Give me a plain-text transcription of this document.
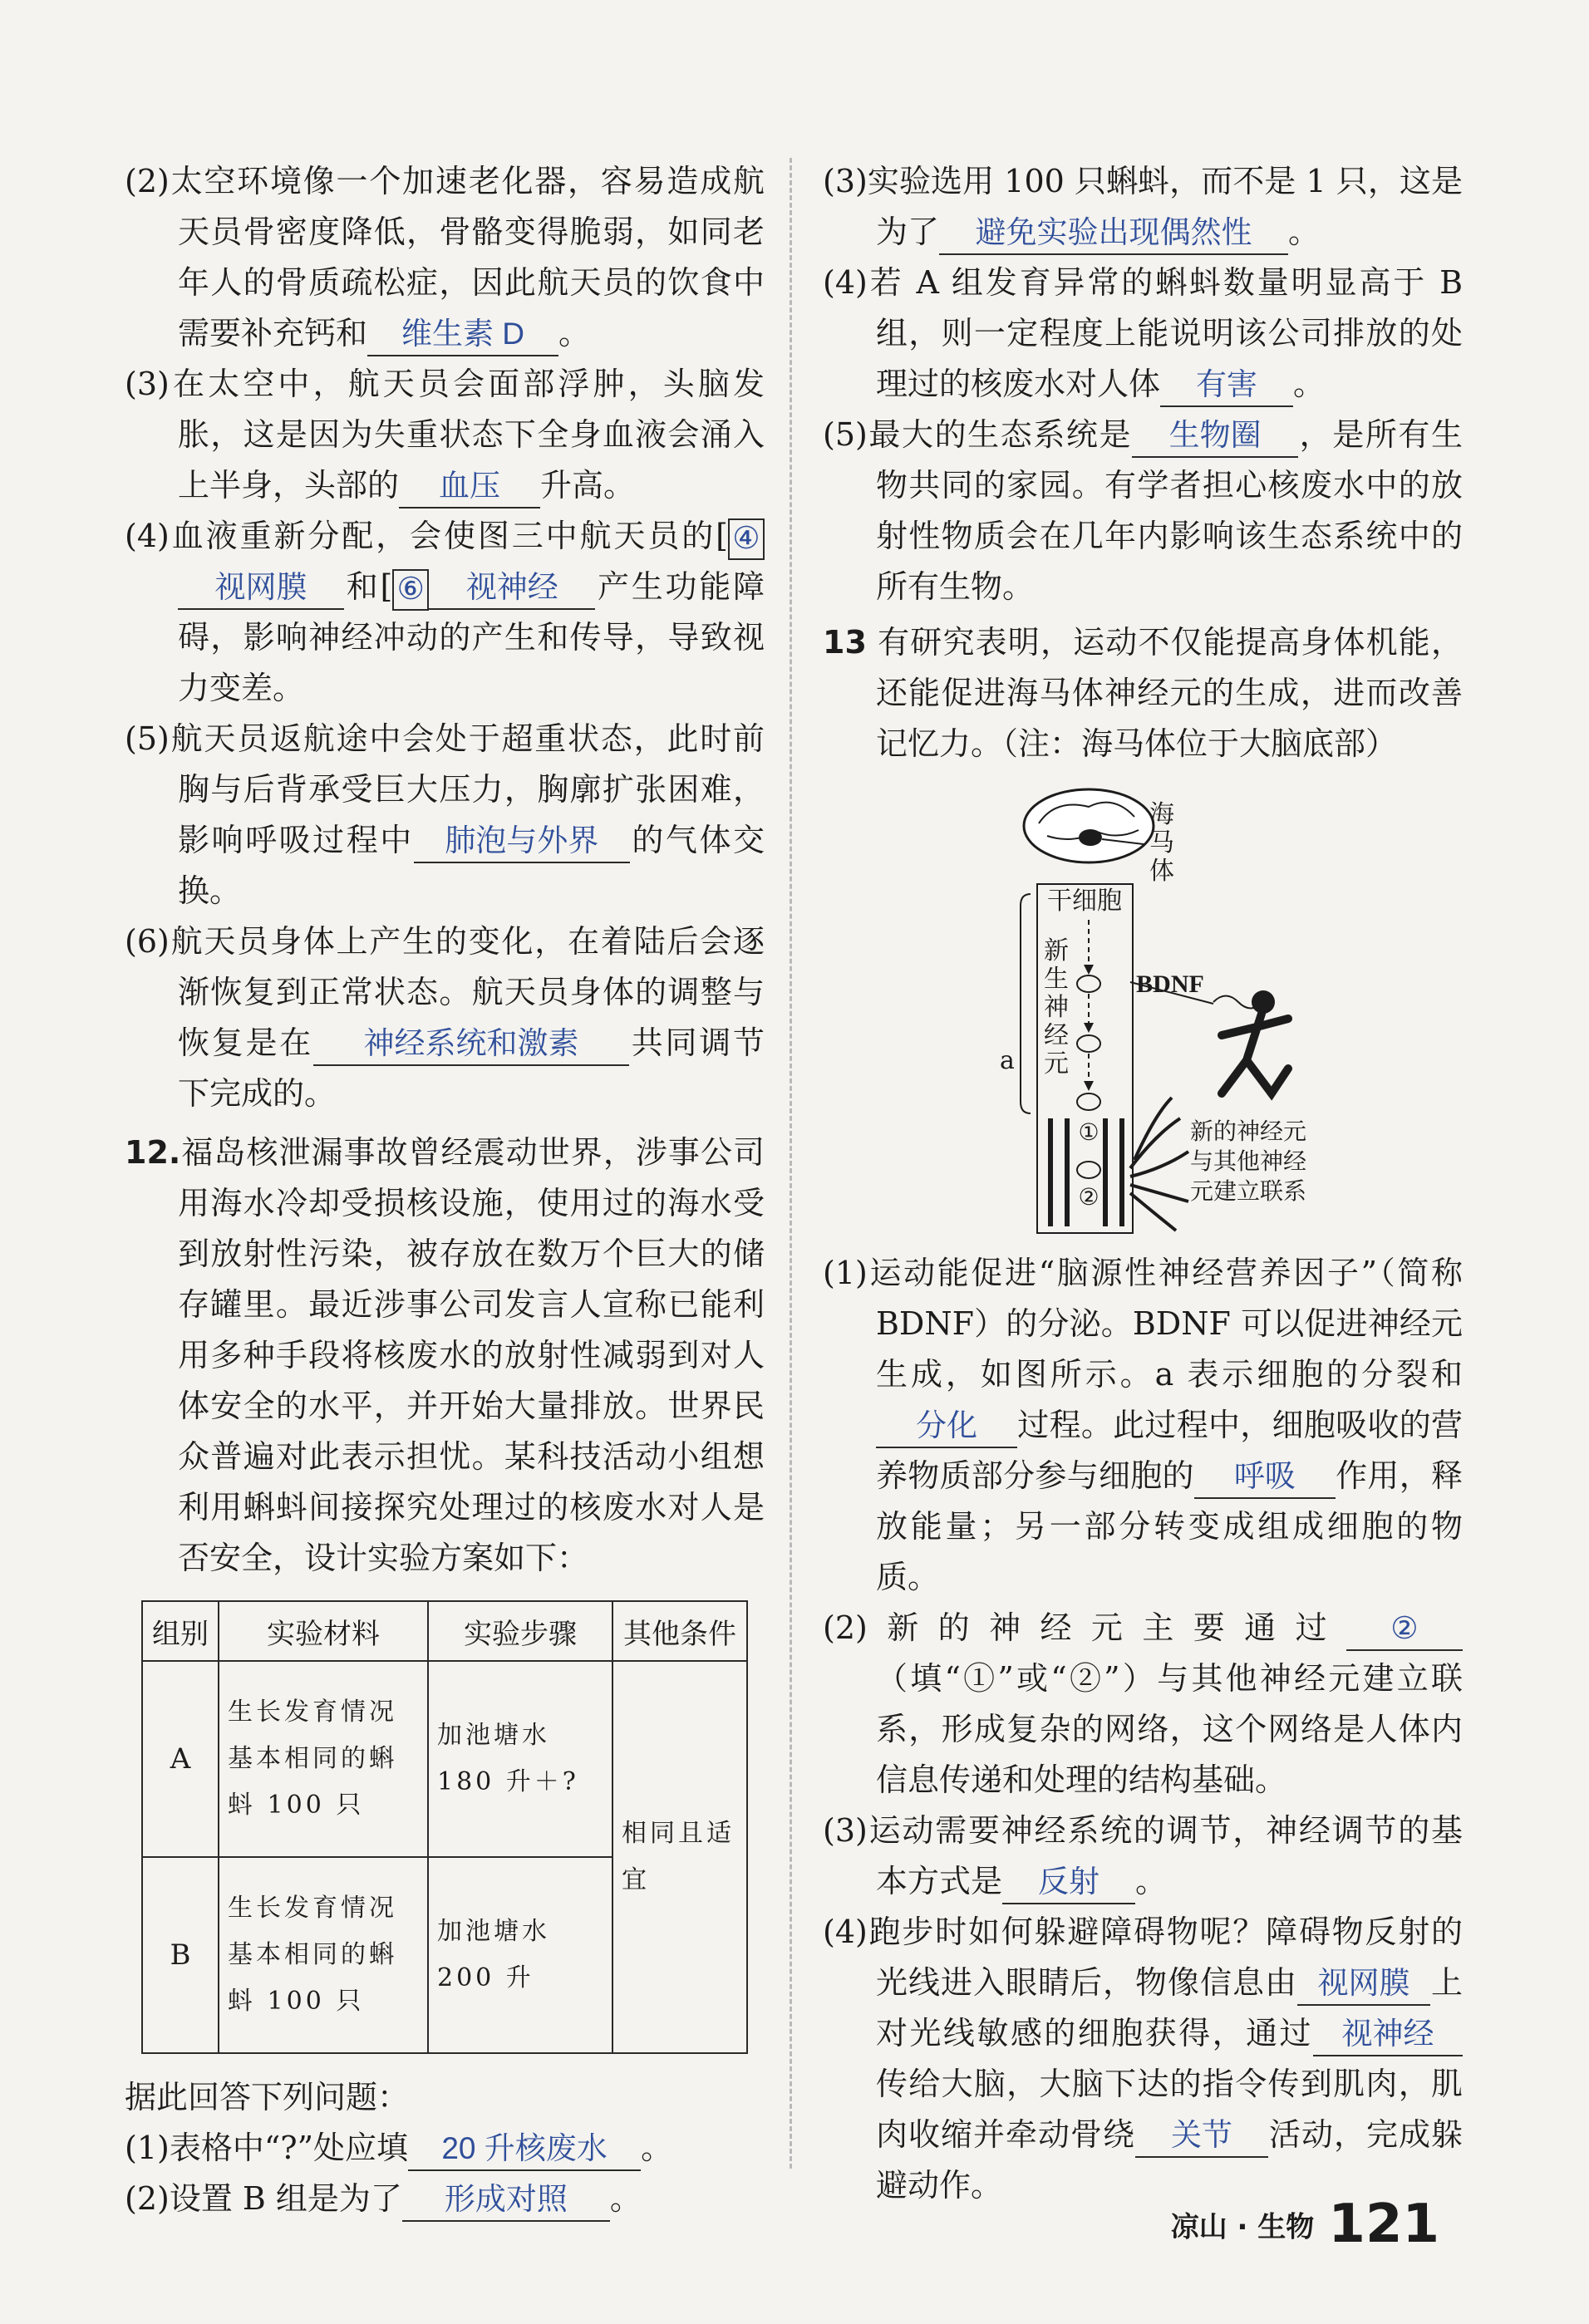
(2)太空环境像一个加速老化器，容易造成航天员骨密度降低，骨骼变得脆弱，如同老年人的骨质疏松症，因此航天员的饮食中需要补充钙和 维生素 D 。

(3)在太空中，航天员会面部浮肿，头脑发胀，这是因为失重状态下全身血液会涌入上半身，头部的 血压 升高。

(4)血液重新分配，会使图三中航天员的[ ④视网膜 和[ ⑥ 视神经 产生功能障碍，影响神经冲动的产生和传导，导致视力变差。

(5)航天员返航途中会处于超重状态，此时前胸与后背承受巨大压力，胸廓扩张困难，影响呼吸过程中 肺泡与外界 的气体交换。

(6)航天员身体上产生的变化，在着陆后会逐渐恢复到正常状态。航天员身体的调整与恢复是在 神经系统和激素 共同调节下完成的。

12.福岛核泄漏事故曾经震动世界，涉事公司用海水冷却受损核设施，使用过的海水受到放射性污染，被存放在数万个巨大的储存罐里。最近涉事公司发言人宣称已能利用多种手段将核废水的放射性减弱到对人体安全的水平，并开始大量排放。世界民众普遍对此表示担忧。某科技活动小组想利用蝌蚪间接探究处理过的核废水对人是否安全，设计实验方案如下：

组别	实验材料	实验步骤	其他条件
A	生长发育情况基本相同的蝌蚪 100 只	加池塘水 180 升＋?	相同且适宜
B	生长发育情况基本相同的蝌蚪 100 只	加池塘水 200 升	

据此回答下列问题：

(1)表格中“?”处应填 20 升核废水 。

(2)设置 B 组是为了 形成对照 。

(3)实验选用 100 只蝌蚪，而不是 1 只，这是为了 避免实验出现偶然性 。

(4)若 A 组发育异常的蝌蚪数量明显高于 B 组，则一定程度上能说明该公司排放的处理过的核废水对人体 有害 。

(5)最大的生态系统是 生物圈 ，是所有生物共同的家园。有学者担心核废水中的放射性物质会在几年内影响该生态系统中的所有生物。

13 有研究表明，运动不仅能提高身体机能，还能促进海马体神经元的生成，进而改善记忆力。（注：海马体位于大脑底部）

海马体
干细胞
新生神经元
BDNF
a
①
②
新的神经元与其他神经元建立联系

(1)运动能促进“脑源性神经营养因子”（简称 BDNF）的分泌。BDNF 可以促进神经元生成，如图所示。a 表示细胞的分裂和分化 过程。此过程中，细胞吸收的营养物质部分参与细胞的 呼吸 作用，释放能量；另一部分转变成组成细胞的物质。

(2)新的神经元主要通过 ②（填“①”或“②”）与其他神经元建立联系，形成复杂的网络，这个网络是人体内信息传递和处理的结构基础。

(3)运动需要神经系统的调节，神经调节的基本方式是 反射 。

(4)跑步时如何躲避障碍物呢？障碍物反射的光线进入眼睛后，物像信息由 视网膜 上对光线敏感的细胞获得，通过 视神经传给大脑，大脑下达的指令传到肌肉，肌肉收缩并牵动骨绕 关节 活动，完成躲避动作。

凉山 · 生物 121
